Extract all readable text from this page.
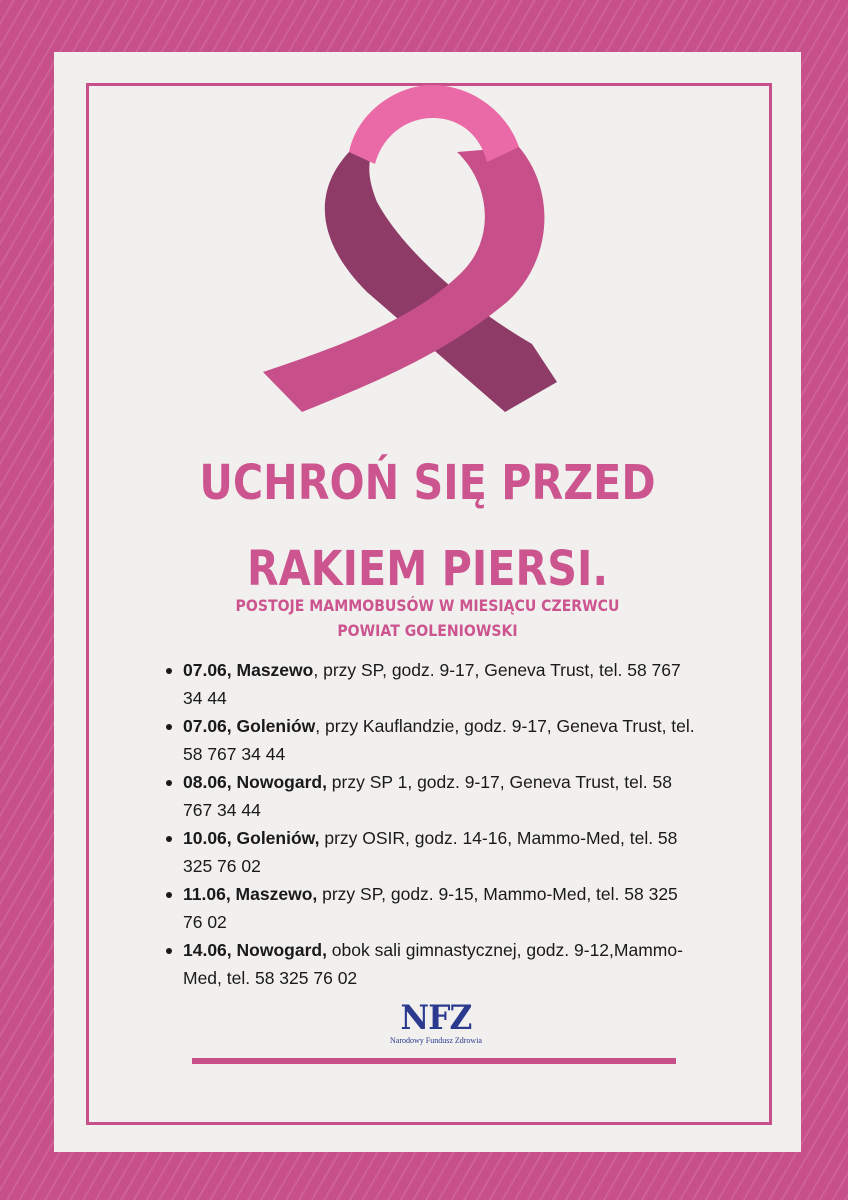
UCHROŃ SIĘ PRZED
RAKIEM PIERSI.
POSTOJE MAMMOBUSÓW W MIESIĄCU CZERWCU
POWIAT GOLENIOWSKI
07.06, Maszewo, przy SP, godz. 9-17, Geneva Trust, tel. 58 767 34 44
07.06, Goleniów, przy Kauflandzie, godz. 9-17, Geneva Trust, tel. 58 767 34 44
08.06, Nowogard, przy SP 1, godz. 9-17, Geneva Trust, tel. 58 767 34 44
10.06, Goleniów, przy OSIR, godz. 14-16, Mammo-Med, tel. 58 325 76 02
11.06, Maszewo, przy SP, godz. 9-15, Mammo-Med, tel. 58 325 76 02
14.06, Nowogard, obok sali gimnastycznej, godz. 9-12,Mammo-Med, tel. 58 325 76 02
NFZ
Narodowy Fundusz Zdrowia
